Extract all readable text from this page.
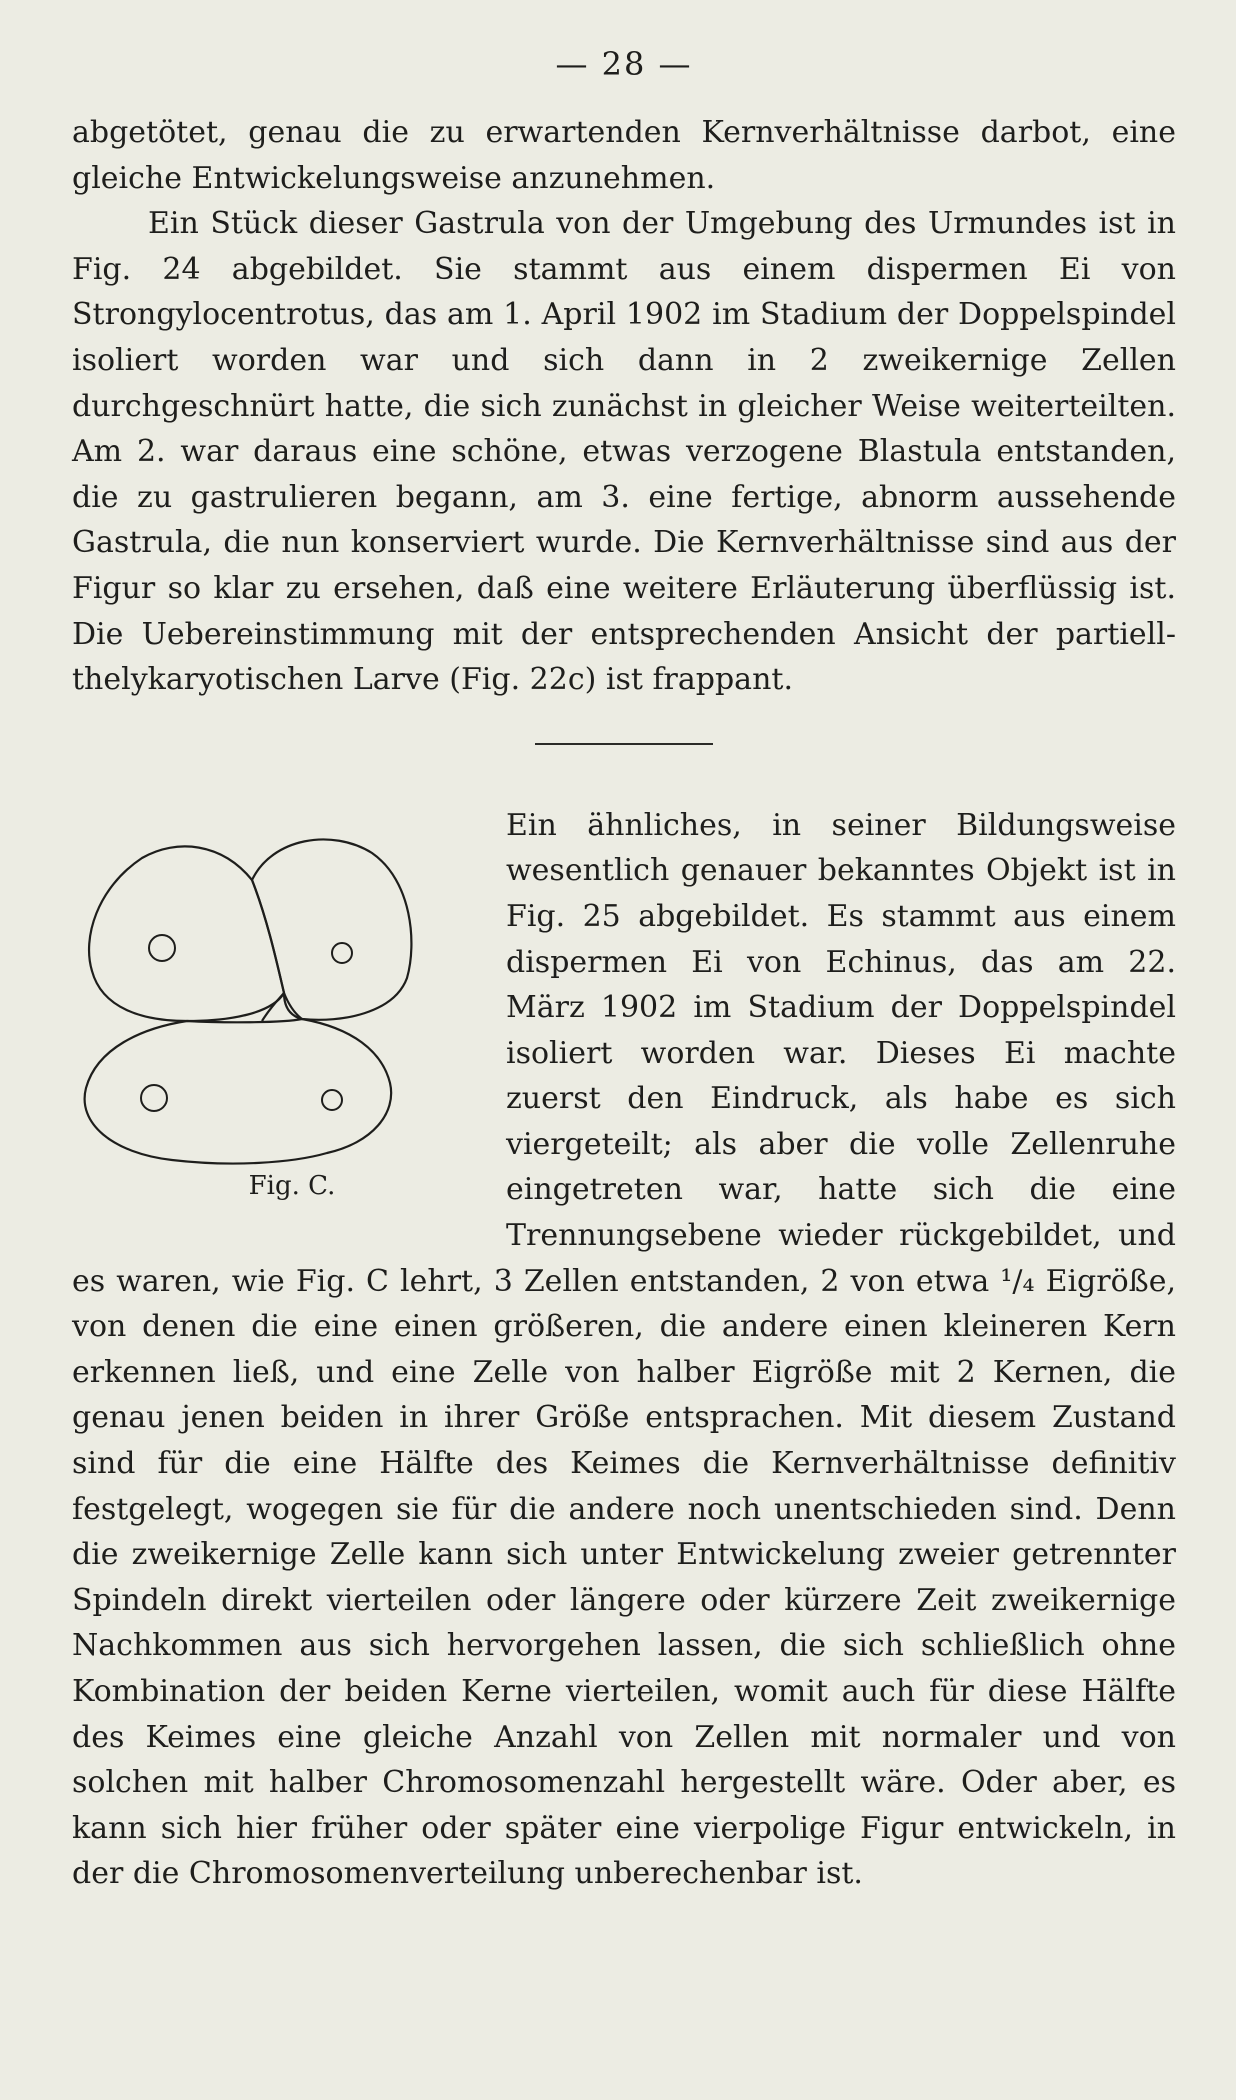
— 28 —

abgetötet, genau die zu erwartenden Kernverhältnisse darbot, eine gleiche Entwickelungsweise anzunehmen.

Ein Stück dieser Gastrula von der Umgebung des Urmundes ist in Fig. 24 abgebildet. Sie stammt aus einem dispermen Ei von Strongylocentrotus, das am 1. April 1902 im Stadium der Doppelspindel isoliert worden war und sich dann in 2 zweikernige Zellen durchgeschnürt hatte, die sich zunächst in gleicher Weise weiterteilten. Am 2. war daraus eine schöne, etwas verzogene Blastula entstanden, die zu gastrulieren begann, am 3. eine fertige, abnorm aussehende Gastrula, die nun konserviert wurde. Die Kernverhältnisse sind aus der Figur so klar zu ersehen, daß eine weitere Erläuterung überflüssig ist. Die Uebereinstimmung mit der entsprechenden Ansicht der partiell-thelykaryotischen Larve (Fig. 22c) ist frappant.

Fig. C.
Ein ähnliches, in seiner Bildungsweise wesentlich genauer bekanntes Objekt ist in Fig. 25 abgebildet. Es stammt aus einem dispermen Ei von Echinus, das am 22. März 1902 im Stadium der Doppelspindel isoliert worden war. Dieses Ei machte zuerst den Eindruck, als habe es sich viergeteilt; als aber die volle Zellenruhe eingetreten war, hatte sich die eine Trennungsebene wieder rückgebildet, und es waren, wie Fig. C lehrt, 3 Zellen entstanden, 2 von etwa ¹/₄ Eigröße, von denen die eine einen größeren, die andere einen kleineren Kern erkennen ließ, und eine Zelle von halber Eigröße mit 2 Kernen, die genau jenen beiden in ihrer Größe entsprachen. Mit diesem Zustand sind für die eine Hälfte des Keimes die Kernverhältnisse definitiv festgelegt, wogegen sie für die andere noch unentschieden sind. Denn die zweikernige Zelle kann sich unter Entwickelung zweier getrennter Spindeln direkt vierteilen oder längere oder kürzere Zeit zweikernige Nachkommen aus sich hervorgehen lassen, die sich schließlich ohne Kombination der beiden Kerne vierteilen, womit auch für diese Hälfte des Keimes eine gleiche Anzahl von Zellen mit normaler und von solchen mit halber Chromosomenzahl hergestellt wäre. Oder aber, es kann sich hier früher oder später eine vierpolige Figur entwickeln, in der die Chromosomenverteilung unberechenbar ist.
